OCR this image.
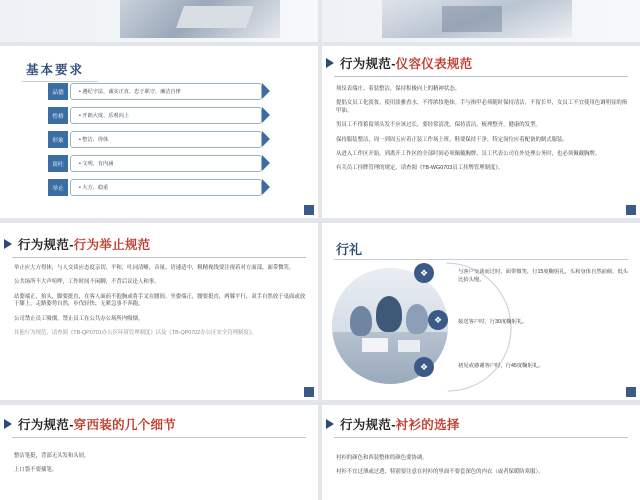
基本要求
品德	• 遵纪守法、诚实正直、忠于职守、廉洁自律
性格	• 开朗大度、乐观向上
形象	• 整洁、得体
谈吐	• 文明、有内涵
举止	• 大方、稳重
行为规范-仪容仪表规范

须仪表端庄、着装整洁，保持积极向上的精神状态。

提倡女员工化淡妆，使用淡雅香水，不得浓妆艳抹。手与指甲必须随时保持清洁，不留长甲，女员工不宜使用色调明显的指甲油。

男员工不得蓄留须头发不应该过长，要经常清洗，保持清洁，梳理整齐，健康的发型。

保持服装整洁，周一到周五应着正装工作场上班，鞋要保持干净，特定岗位应着配备的制式服装。

从进入工作区开始，到离开工作区的全部时间必须佩戴胸牌，员工代表公司在外处理公务时，也必须佩戴胸牌。

有关员工挂牌管理的规定，请查阅《TB-WG0703员工挂牌管理制度》。

行为规范-行为举止规范

举止应大方得体，与人交谈应态度亲切、平和，吐词清晰，音量、语速适中，粗精视线要注视着对方面部，面带微笑。

公共场所不大声喧哗，工作时间不闲聊，不背后议论人和事。

站姿端正，抬头，脚要挺直，在客人面前不抱胸或将手叉在腰间。坐姿端正，腰要挺直，两膝平行，双手自然放于桌面或放于膝上。走路姿势自然，步伐轻快、无紧急事不奔跑。

公司禁止员工吸烟，禁止员工在公共办公场所内吸烟。

其他行为规范，请查阅《TB-QP0701办公区环境管理制度》以及《TB-QP0702办公区安全管理制度》。

行礼
❖	与客户交谈而过时，面带微笑，行15度鞠躬礼，头和身体自然前倾，低头比抬头慢。
❖	接送客户时，行30度鞠躬礼。
❖	初见或感谢客户时，行45度鞠躬礼。
行为规范-穿西装的几个细节

整洁笔挺，背部无头发和头屑。

上口袋不要插笔。

行为规范-衬衫的选择

衬衫的颜色和西装整体的颜色要协调。

衬衫不宜过薄或过透，特别要注意在衬衫的里面不要套深色的内衣（或者保暖防寒服）。
